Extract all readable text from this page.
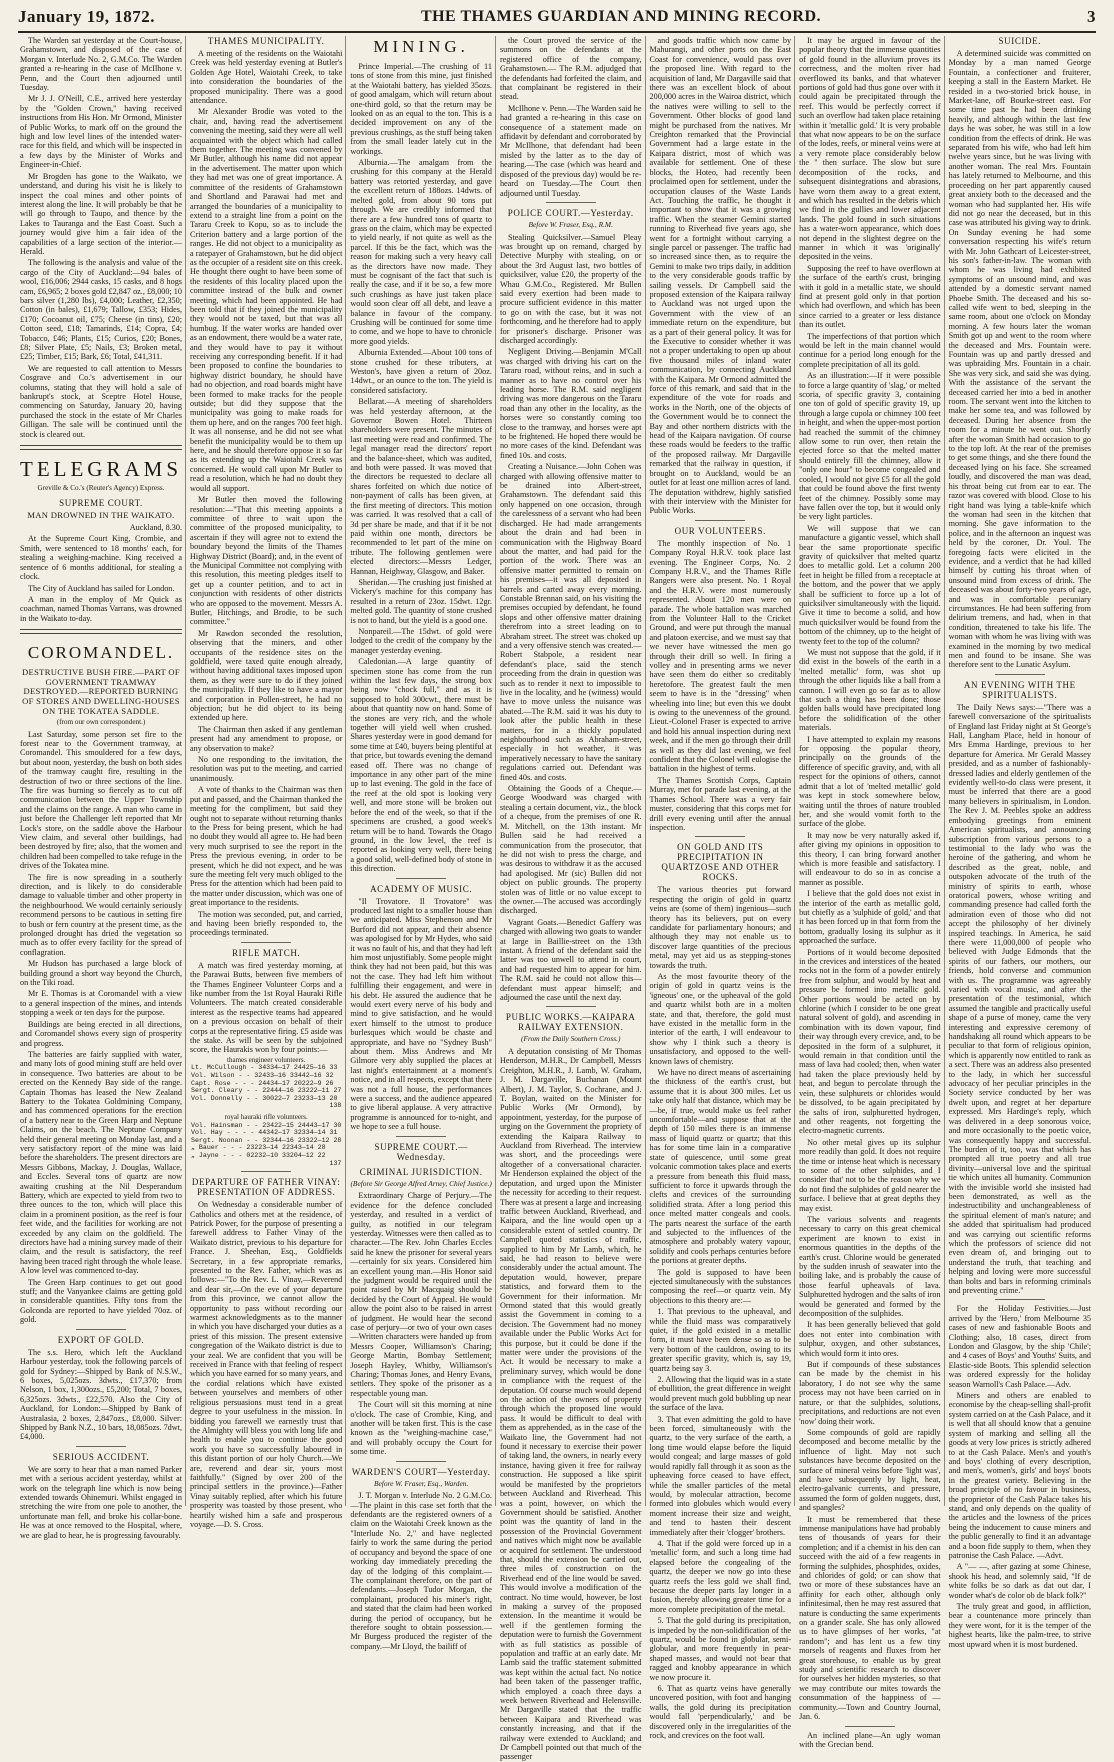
January 19, 1872.	THE THAMES GUARDIAN AND MINING RECORD.	3

The Warden sat yesterday at the Court-house, Grahamstown, and disposed of the case of Morgan v. Interlude No. 2, G.M.Co. The Warden granted a re-hearing in the case of McIlhone v. Penn, and the Court then adjourned until Tuesday.

Mr J. J. O'Neill, C.E., arrived here yesterday by the "Golden Crown," having received instructions from His Hon. Mr Ormond, Minister of Public Works, to mark off on the ground the high and low level lines of the intended water-race for this field, and which will be inspected in a few days by the Minister of Works and Engineer-in-Chief.

Mr Brogden has gone to the Waikato, we understand, and during his visit he is likely to inspect the coal mines and other points of interest along the line. It will probably be that he will go through to Taupo, and thence by the Lakes to Tauranga and the East Coast. Such a journey would give him a fair idea of the capabilities of a large section of the interior.—Herald.

The following is the analysis and value of the cargo of the City of Auckland:—94 bales of wool, £16,006; 2944 casks, 15 casks, and 8 hogs cam, £6,965; 2 boxes gold £2,847 oz., £8,000; 10 bars silver (1,280 lbs), £4,000; Leather, £2,350; Cotton (in bales), £1,679; Tallow, £353; Hides, £170; Cocoanut oil, £75; Cheese (in tins), £20; Cotton seed, £18; Tamarinds, £14; Copra, £4; Tobacco, £46; Plants, £15; Curios, £20; Bones, £8; Silver Plate, £5; Nails, £3; Broken metal, £25; Timber, £15; Bark, £6; Total, £41,311.

We are requested to call attention to Messrs Cosgrave and Co.'s advertisement in our columns, stating that they will hold a sale of bankrupt's stock, at Sceptre Hotel House, commencing on Saturday, January 20, having purchased the stock in the estate of Mr Charles Gilligan. The sale will be continued until the stock is cleared out.

TELEGRAMS

Greville & Co.'s (Reuter's Agency) Express.

SUPREME COURT.
MAN DROWNED IN THE WAIKATO.

Auckland, 8.30.

At the Supreme Court King, Crombie, and Smith, were sentenced to 18 months' each, for stealing a weighing-machine. King received a sentence of 6 months additional, for stealing a clock.

The City of Auckland has sailed for London.

A man in the employ of Mr Quick as coachman, named Thomas Varrans, was drowned in the Waikato to-day.

COROMANDEL.
DESTRUCTIVE BUSH FIRE.—PART OF GOVERNMENT TRAMWAY DESTROYED.—REPORTED BURNING OF STORES AND DWELLING-HOUSES ON THE TOKATEA SADDLE.

(from our own correspondent.)

Last Saturday, some person set fire to the forest near to the Government tramway, at Coromandel. This smouldered for a few days, but about noon, yesterday, the bush on both sides of the tramway caught fire, resulting in the destruction of two or three sections of the line. The fire was burning so fiercely as to cut off communication between the Upper Township and the claims on the range. A man who came in just before the Challenger left reported that Mr Lock's store, on the saddle above the Harbour View claim, and several other buildings, had been destroyed by fire; also, that the women and children had been compelled to take refuge in the drives of the Tokatea mine.

The fire is now spreading in a southerly direction, and is likely to do considerable damage to valuable timber and other property in the neighbourhood. We would certainly seriously recommend persons to be cautious in setting fire to bush or fern country at the present time, as the prolonged drought has dried the vegetation so much as to offer every facility for the spread of conflagration.

Mr Hudson has purchased a large block of building ground a short way beyond the Church, on the Tiki road.

Mr E. Thomas is at Coromandel with a view to a general inspection of the mines, and intends stopping a week or ten days for the purpose.

Buildings are being erected in all directions, and Coromandel shows every sign of prosperity and progress.

The batteries are fairly supplied with water, and many lots of good mining stuff are held over in consequence. Two batteries are about to be erected on the Kennedy Bay side of the range. Captain Thomas has leased the New Zealand Battery to the Tokatea Goldmining Company, and has commenced operations for the erection of a battery near to the Green Harp and Neptune Claims, on the beach. The Neptune Company held their general meeting on Monday last, and a very satisfactory report of the mine was laid before the shareholders. The present directors are Messrs Gibbons, Mackay, J. Douglas, Wallace, and Eccles. Several tons of quartz are now awaiting crushing at the Nil Desperandum Battery, which are expected to yield from two to three ounces to the ton, which will place this claim in a prominent position, as the reef is four feet wide, and the facilities for working are not exceeded by any claim on the goldfield. The directors have had a mining survey made of their claim, and the result is satisfactory, the reef having been traced right through the whole lease. A low level was commenced to-day.

The Green Harp continues to get out good stuff; and the Vanyankee claims are getting gold in considerable quantities. Fifty tons from the Golconda are reported to have yielded 70oz. of gold.

EXPORT OF GOLD.

The s.s. Hero, which left the Auckland Harbour yesterday, took the following parcels of gold for Sydney:—Shipped by Bank of N.S.W., 6 boxes, 5,025ozs. 3dwts., £17,370; from Nelson, 1 box, 1,300ozs., £5,200; Total, 7 boxes, 6,325ozs. 3dwts., £22,570. Also the City of Auckland, for London:—Shipped by Bank of Australasia, 2 boxes, 2,847ozs., £8,000. Silver: Shipped by Bank N.Z., 10 bars, 18,085ozs. 7dwt, £4,000.

SERIOUS ACCIDENT.

We are sorry to hear that a man named Parker met with a serious accident yesterday, whilst at work on the telegraph line which is now being extended towards Ohinemuri. Whilst engaged in stretching the wire from one pole to another, the unfortunate man fell, and broke his collar-bone. He was at once removed to the Hospital, where, we are glad to hear, he is progressing favourably.

THAMES MUNICIPALITY.

A meeting of the residents on the Waiotahi Creek was held yesterday evening at Butler's Golden Age Hotel, Waiotahi Creek, to take into consideration the boundaries of the proposed municipality. There was a good attendance.

Mr Alexander Brodie was voted to the chair, and, having read the advertisement convening the meeting, said they were all well acquainted with the object which had called them together. The meeting was convened by Mr Butler, although his name did not appear in the advertisement. The matter upon which they had met was one of great importance. A committee of the residents of Grahamstown and Shortland and Parawai had met and arranged the boundaries of a municipality to extend to a straight line from a point on the Tararu Creek to Kopu, so as to include the Criterion battery and a large portion of the ranges. He did not object to a municipality as a ratepayer of Grahamstown, but he did object as the occupier of a resident site on this creek. He thought there ought to have been some of the residents of this locality placed upon the committee instead of the bulk and owner meeting, which had been appointed. He had been told that if they joined the municipality they would not be taxed, but that was all humbug. If the water works are handed over as an endowment, there would be a water rate, and they would have to pay it without receiving any corresponding benefit. If it had been proposed to confine the boundaries to highway district boundary, he should have had no objection, and road boards might have been formed to make tracks for the people outside; but did they suppose that the municipality was going to make roads for them up here, and on the ranges 700 feet high. It was all nonsense, and he did not see what benefit the municipality would be to them up here, and he should therefore oppose it so far as its extending up the Waiotahi Creek was concerned. He would call upon Mr Butler to read a resolution, which he had no doubt they would all support.

Mr Butler then moved the following resolution:—"That this meeting appoints a committee of three to wait upon the committee of the proposed municipality, to ascertain if they will agree not to extend the boundary beyond the limits of the Thames Highway District (Board); and, in the event of the Municipal Committee not complying with this resolution, this meeting pledges itself to get up a counter petition, and to act in conjunction with residents of other districts who are opposed to the movement. Messrs A. Butler, Hitchings, and Brodie, to be such committee."

Mr Rawdon seconded the resolution, observing that the miners, and other occupants of the residence sites on the goldfield, were taxed quite enough already, without having additional taxes imposed upon them, as they were sure to do if they joined the municipality. If they like to have a mayor and corporation in Pollen-street, he had no objection; but he did object to its being extended up here.

The Chairman then asked if any gentleman present had any amendment to propose, or any observation to make?

No one responding to the invitation, the resolution was put to the meeting, and carried unanimously.

A vote of thanks to the Chairman was then put and passed, and the Chairman thanked the meeting for the compliment, but said they ought not to separate without returning thanks to the Press for being present, which he had no doubt they would all agree to. He had been very much surprised to see the report in the Press the previous evening, in order to be present, which he did not expect, and he was sure the meeting felt very much obliged to the Press for the attention which had been paid to the matter under discussion, which was one of great importance to the residents.

The motion was seconded, put, and carried, and having been briefly responded to, the proceedings terminated.

RIFLE MATCH.

A match was fired yesterday morning, at the Parawai Butts, between five members of the Thames Engineer Volunteer Corps and a like number from the 1st Royal Hauraki Rifle Volunteers. The match created considerable interest as the respective teams had appeared on a previous occasion on behalf of their corps at the representative firing. £5 aside was the stake. As will be seen by the subjoined score, the Haurakis won by four points:—

thames engineer volunteers.
Lt. McCullough - 34334—17 24425—16 33
Vol. Wilson - - 32433—16 33442—16 32
Capt. Rose - - - 24434—17 20222—9 26
Sergt. Cleary - - 22444—16 23222—11 27
Vol. Donnelly - - 30022—7 23233—13 20
138
royal hauraki rifle volunteers.
Vol. Hainsman - - 23422—15 24443—17 30
Vol. Hay - - - - 44342—17 32334—14 31
Sergt. Noonan - - 32344—16 23322—12 28
„ Bauer - - - 23223—14 22343—14 28
„ Jayne - - - 02232—10 33204—12 22
137
DEPARTURE OF FATHER VINAY: PRESENTATION OF ADDRESS.

On Wednesday a considerable number of Catholics and others met at the residence, of Patrick Power, for the purpose of presenting a farewell address to Father Vinay of the Waikato district, previous to his departure for France. J. Sheehan, Esq., Goldfields Secretary, in a few appropriate remarks, presented to the Rev. Father, which was as follows:—"To the Rev. L. Vinay,—Reverend and dear sir,—On the eve of your departure from this province, we cannot allow the opportunity to pass without recording our warmest acknowledgments as to the manner in which you have discharged your duties as a priest of this mission. The present extensive congregation of the Waikato district is due to your zeal. We are confident that you will be received in France with that feeling of respect which you have earned for so many years, and the cordial relations which have existed between yourselves and members of other religious persuasions must tend in a great degree to your usefulness in the mission. In bidding you farewell we earnestly trust that the Almighty will bless you with long life and health to enable you to continue the good work you have so successfully laboured in this distant portion of our holy Church.—We are, reverend and dear sir, yours most faithfully." (Signed by over 200 of the principal settlers in the province.)—Father Vinay suitably replied, after which his future prosperity was toasted by those present, who heartily wished him a safe and prosperous voyage.—D. S. Cross.

MINING.

Prince Imperial.—The crushing of 11 tons of stone from this mine, just finished at the Waiotahi battery, has yielded 35ozs. of good amalgam, which will return about one-third gold, so that the return may be looked on as an equal to the ton. This is a decided improvement on any of the previous crushings, as the stuff being taken from the small leader lately cut in the workings.

Alburnia.—The amalgam from the crushing for this company at the Herald battery was retorted yesterday, and gave the excellent return of 188ozs. 14dwts. of melted gold, from about 90 tons put through. We are credibly informed that there are a few hundred tons of quartz to grass on the claim, which may be expected to yield nearly, if not quite as well as the parcel. If this be the fact, which was the reason for making such a very heavy call as the directors have now made. They must be cognisant of the fact that such is really the case, and if it be so, a few more such crushings as have just taken place would soon clear off all debt, and leave a balance in favour of the company. Crushing will be continued for some time to come, and we hope to have to chronicle more good yields.

Alburnia Extended.—About 100 tons of stone crushed for these tributers, at Weston's, have given a return of 20oz. 14dwt., or an ounce to the ton. The yield is considered satisfactory.

Bellarat.—A meeting of shareholders was held yesterday afternoon, at the Governor Bowen Hotel. Thirteen shareholders were present. The minutes of last meeting were read and confirmed. The legal manager read the directors' report and the balance-sheet, which was audited, and both were passed. It was moved that the directors be requested to declare all shares forfeited on which due notice of non-payment of calls has been given, at the first meeting of directors. This motion was carried. It was resolved that a call of 3d per share be made, and that if it be not paid within one month, directors be recommended to let part of the mine on tribute. The following gentlemen were elected directors:—Messrs Ledger, Hannan, Heighway, Glasgow, and Baker.

Sheridan.—The crushing just finished at Vickery's machine for this company has resulted in a return of 23oz. 15dwt. 12gr. melted gold. The quantity of stone crushed is not to hand, but the yield is a good one.

Nonpareil.—The 15dwt. of gold were lodged to the credit of the company by the manager yesterday evening.

Caledonian.—A large quantity of specimen stone has come from the run within the last few days, the strong box being now "chock full," and as it is supposed to hold 300cwt., there must be about that quantity now on hand. Some of the stones are very rich, and the whole together will yield well when crushed. Shares yesterday were in good demand for some time at £40, buyers being plentiful at that price, but towards evening the demand eased off. There was no change of importance in any other part of the mine up to last evening. The gold in the face of the reef at the old spot is looking very well, and more stone will be broken out before the end of the week, so that if the specimens are crushed, a good week's return will be to hand. Towards the Otago ground, in the low level, the reef is reported as looking very well, there being a good solid, well-defined body of stone in this direction.

ACADEMY OF MUSIC.

"Il Trovatore. Il Trovatore" was produced last night to a smaller house than we anticipated. Miss Stephenson and Mr Burford did not appear, and their absence was apologised for by Mr Hydes, who said it was no fault of his, and that they had left him most unjustifiably. Some people might think they had not been paid, but this was not the case. They had left him without fulfilling their engagement, and were in his debt. He assured the audience that he would exert every nerve of his body and mind to give satisfaction, and he would exert himself to the utmost to produce burlesques which would be chaste and appropriate, and have no "Sydney Bush" about them. Miss Andrews and Mr Gilmore very ably supplied the places at last night's entertainment at a moment's notice, and in all respects, except that there was not a full house, the performances were a success, and the audience appeared to give liberal applause. A very attractive programme is announced for to-night, and we hope to see a full house.

SUPREME COURT.—Wednesday.
CRIMINAL JURISDICTION.

(Before Sir George Alfred Arney, Chief Justice.)

Extraordinary Charge of Perjury.—The evidence for the defence concluded yesterday, and resulted in a verdict of guilty, as notified in our telegram yesterday. Witnesses were then called as to character.—The Rev. John Charles Eccles said he knew the prisoner for several years—certainly for six years. Considered him an excellent young man.—His Honor said the judgment would be required until the point raised by Mr Macquaig should be decided by the Court of Appeal. He would allow the point also to be raised in arrest of judgment. He would hear the second case of perjury—or two of your own cases—Written characters were handed up from Messrs Cooper, Williamson's Charing; George Martin, Bombay Settlement; Joseph Hayley, Whitby, Williamson's Charing; Thomas Jones, and Henry Evans, settlers. They spoke of the prisoner as a respectable young man.

The Court will sit this morning at nine o'clock. The case of Crombie, King, and another will be taken first. This is the case known as the "weighing-machine case," and will probably occupy the Court for some time.

WARDEN'S COURT—Yesterday.

Before W. Fraser, Esq., Warden.

J. T. Morgan v. Interlude No. 2 G.M.Co. —The plaint in this case set forth that the defendants are the registered owners of a claim on the Waiotahi Creek known as the "Interlude No. 2," and have neglected fairly to work the same during the period of occupancy and beyond the space of one working day immediately preceding the day of the lodging of this complaint.— The complainant therefore, on the part of defendants.—Joseph Tudor Morgan, the complainant, produced his miner's right, and stated that the claim had been worked during the period of occupancy, but he therefore sought to obtain possession.—Mr Burgess produced the register of the company.—Mr Lloyd, the bailiff of

the Court proved the service of the summons on the defendants at the registered office of the company, Grahamstown.— The R.M. adjudged that the defendants had forfeited the claim, and that complainant be registered in their stead.

McIlhone v. Penn.—The Warden said he had granted a re-hearing in this case on consequence of a statement made on affidavit by defendant and corroborated by Mr McIlhone, that defendant had been misled by the latter as to the day of hearing.—The case (which was heard and disposed of the previous day) would be re-heard on Tuesday.—The Court then adjourned until Tuesday.

POLICE COURT.—Yesterday.

Before W. Fraser, Esq., R.M.

Stealing Quicksilver.—Samuel Pleay was brought up on remand, charged by Detective Murphy with stealing, on or about the 3rd August last, two bottles of quicksilver, value £20, the property of the Whau G.M.Co., Registered. Mr Bullen said every exertion had been made to procure sufficient evidence in this matter to go on with the case, but it was not forthcoming, and he therefore had to apply for prisoner's discharge. Prisoner was discharged accordingly.

Negligent Driving.—Benjamin M'Call was charged with driving his cart on the Tararu road, without reins, and in such a manner as to have no control over his leading horse. The R.M. said negligent driving was more dangerous on the Tararu road than any other in the locality, as the horses were so constantly coming too close to the tramway, and horses were apt to be frightened. He hoped there would be no more cases of the kind. Defendant was fined 10s. and costs.

Creating a Nuisance.—John Cohen was charged with allowing offensive matter to be drained into Albert-street, Grahamstown. The defendant said this only happened on one occasion, through the carelessness of a servant who had been discharged. He had made arrangements about the drain and had been in communication with the Highway Board about the matter, and had paid for the portion of the work. There was an offensive matter permitted to remain on his premises—it was all deposited in barrels and carted away every morning. Constable Brennan said, on his visiting the premises occupied by defendant, he found slops and other offensive matter draining therefrom into a street leading on to Abraham street. The street was choked up and a very offensive stench was created.—Robert Stabpole, a resident near defendant's place, said the stench proceeding from the drain in question was such as to render it next to impossible to live in the locality, and he (witness) would have to move unless the nuisance was abated.—The R.M. said it was his duty to look after the public health in these matters, for in a thickly populated neighbourhood such as Abraham-street, especially in hot weather, it was imperatively necessary to have the sanitary regulations carried out. Defendant was fined 40s. and costs.

Obtaining the Goods of a Cheque.— George Woodward was charged with stealing a certain document, viz., the block of a cheque, from the premises of one R. M. Mitchell, on the 13th instant. Mr Bullen said he had received a communication from the prosecutor, that he did not wish to press the charge, and was desirous to withdraw it as the accused had apologised. Mr (sic) Bullen did not object on public grounds. The property stolen was of little or no value except to the owner.—The accused was accordingly discharged.

Vagrant Goats.—Benedict Gaffery was charged with allowing two goats to wander at large in Baillie-street on the 13th instant. A friend of the defendant said the latter was too unwell to attend in court, and had requested him to appear for him. The R.M. said he could not allow this—defendant must appear himself; and adjourned the case until the next day.

PUBLIC WORKS.—KAIPARA RAILWAY EXTENSION.

(From the Daily Southern Cross.)

A deputation consisting of Mr Thomas Henderson, M.H.R., Dr Campbell, Messrs Creighton, M.H.R., J. Lamb, W. Graham, J. M. Dargaville, Buchanan (Mount Albert), J. M. Taylor, S. Cochrane, and J. T. Boylan, waited on the Minister for Public Works (Mr Ormond), by appointment, yesterday, for the purpose of urging on the Government the propriety of extending the Kaipara Railway to Auckland from Riverhead. The interview was short, and the proceedings were altogether of a conversational character. Mr Henderson explained the object of the deputation, and urged upon the Minister the necessity for acceding to their request. There was at present a large and increasing traffic between Auckland, Riverhead, and Kaipara, and the line would open up a considerable extent of settled country. Dr Campbell quoted statistics of traffic, supplied to him by Mr Lamb, which, he said, he had reason to believe were considerably under the actual amount. The deputation would, however, prepare statistics, and forward them to the Government for their information. Mr Ormond stated that this would greatly assist the Government in coming to a decision. The Government had no money available under the Public Works Act for this purpose, but it could be done if the matter were under the provisions of the Act. It would be necessary to make a preliminary survey, which would be done in compliance with the request of the deputation. Of course much would depend on the action of the owners of property through which the proposed line would pass. It would be difficult to deal with them as apprehended, as in the case of the Waikato line, the Government had not found it necessary to exercise their power of taking land, the owners, in nearly every instance, having given it free for railway construction. He supposed a like spirit would be manifested by the proprietors between Auckland and Riverhead. This was a point, however, on which the Government should be satisfied. Another point was the quantity of land in the possession of the Provincial Government and natives which might now be available or acquired for settlement. The understood that, should the extension be carried out, three miles of construction on the Riverhead end of the line would be saved. This would involve a modification of the contract. No time would, however, be lost in making a survey of the proposed extension. In the meantime it would be well if the gentlemen forming the deputation were to furnish the Government with as full statistics as possible of population and traffic at an early date. Mr Lamb said the traffic statement submitted was kept within the actual fact. No notice had been taken of the passenger traffic, which employed a coach three days a week between Riverhead and Helensville. Mr Dargaville stated that the traffic between Kaipara and Riverhead was constantly increasing, and that if the railway were extended to Auckland; and Dr Campbell pointed out that much of the passenger

and goods traffic which now came by Mahurangi, and other ports on the East Coast for convenience, would pass over the proposed line. With regard to the acquisition of land, Mr Dargaville said that there was an excellent block of about 200,000 acres in the Wairoa district, which the natives were willing to sell to the Government. Other blocks of good land might be purchased from the natives. Mr Creighton remarked that the Provincial Government had a large estate in the Kaipara district, most of which was available for settlement. One of these blocks, the Hoteo, had recently been proclaimed open for settlement, under the occupation clauses of the Waste Lands Act. Touching the traffic, he thought it important to show that it was a growing traffic. When the steamer Gemini started running to Riverhead five years ago, she went for a fortnight without carrying a single parcel or passenger. The traffic had so increased since then, as to require the Gemini to make two trips daily, in addition to the very considerable goods traffic by sailing vessels. Dr Campbell said the proposed extension of the Kaipara railway to Auckland was not urged upon the Government with the view of an immediate return on the expenditure, but as a part of their general policy. It was for the Executive to consider whether it was not a proper undertaking to open up about five thousand miles of inland water communication, by connecting Auckland with the Kaipara. Mr Ormond admitted the force of this remark, and said that in the expenditure of the vote for roads and works in the North, one of the objects of the Government would be to connect the Bay and other northern districts with the head of the Kaipara navigation. Of course these roads would be feeders to the traffic of the proposed railway. Mr Dargaville remarked that the railway in question, if brought on to Auckland, would be an outlet for at least one million acres of land. The deputation withdrew, highly satisfied with their interview with the Minister for Public Works.

OUR VOLUNTEERS.

The monthly inspection of No. 1 Company Royal H.R.V. took place last evening. The Engineer Corps, No. 2 Company H.R.V., and the Thames Rifle Rangers were also present. No. 1 Royal and the H.R.V. were most numerously represented. About 120 men were on parade. The whole battalion was marched from the Volunteer Hall to the Cricket Ground, and were put through the manual and platoon exercise, and we must say that we never have witnessed the men go through their drill so well. In firing a volley and in presenting arms we never have seen them do either so creditably heretofore. The greatest fault the men seem to have is in the "dressing" when wheeling into line; but even this we doubt is owing to the unevenness of the ground. Lieut.-Colonel Fraser is expected to arrive and hold his annual inspection during next week, and if the men go through their drill as well as they did last evening, we feel confident that the Colonel will eulogise the battalion in the highest of terms.

The Thames Scottish Corps, Captain Murray, met for parade last evening, at the Thames School. There was a very fair muster, considering that this corps met for drill every evening until after the annual inspection.

ON GOLD AND ITS PRECIPITATION IN QUARTZOSE AND OTHER ROCKS.

The various theories put forward respecting the origin of gold in quartz veins are (some of them) ingenious—such theory has its believers, put on every candidate for parliamentary honours; and although they may not enable us to discover large quantities of the precious metal, may yet aid us as stepping-stones towards the truth.

As the most favourite theory of the origin of gold in quartz veins is the 'igneous' one, or the upheaval of the gold and quartz whilst both are in a molten state, and that, therefore, the gold must have existed in the metallic form in the interior of the earth, I will endeavour to show why I think such a theory is unsatisfactory, and opposed to the well-known laws of chemistry.

We have no direct means of ascertaining the thickness of the earth's crust, but assume that it is about 300 miles. Let us take only half that distance, which may be—be, if true, would make us feel rather uncomfortable—and suppose that at the depth of 150 miles there is an immense mass of liquid quartz or quartz; that this has for some time lain in a comparative state of quiescence, until some great volcanic commotion takes place and exerts a pressure from beneath this fluid mass, sufficient to force it upwards through the clefts and crevices of the surrounding solidified strata. After a long period this once melted matter congeals and cools. The parts nearest the surface of the earth and subjected to the influences of the atmosphere and probably watery vapour, solidify and cools perhaps centuries before the portions at greater depths.

The gold is supposed to have been ejected simultaneously with the substances composing the reef—or quartz vein. My objections to this theory are:—

1. That previous to the upheaval, and while the fluid mass was comparatively quiet, if the gold existed in a metallic form, it must have been dense so as to be very bottom of the cauldron, owing to its greater specific gravity, which is, say 19, quartz being say 3.

2. Allowing that the liquid was in a state of ebullition, the great difference in weight would prevent much gold bubbling up near the surface of the lava.

3. That even admitting the gold to have been forced, simultaneously with the quartz, to the very surface of the earth, a long time would elapse before the liquid would congeal; and large masses of gold would rapidly fall through it as soon as the upheaving force ceased to have effect, while the smaller particles of the metal would, by molecular attraction, become formed into globules which would every moment increase their size and weight, and tend to hasten their descent immediately after their 'clogger' brothers.

4. That if the gold were forced up in a 'metallic' form, and such a long time had elapsed before the congealing of the quartz, the deeper we now go into these quartz reefs the less gold we shall find, because the deeper parts lay longer in a fusion, thereby allowing greater time for a more complete precipitation of the metal.

5. That the gold during its precipitation, is impeded by the non-solidification of the quartz, would be found in globular, semi-globular, and more frequently in pear-shaped masses, and would not bear that ragged and knobby appearance in which we now procure it.

6. That as quartz veins have generally uncovered position, with foot and hanging walls, the gold during its precipitation would fall 'perpendicularly,' and be discovered only in the irregularities of the rock, and crevices on the foot wall.

It may be argued in favour of the popular theory that the immense quantities of gold found in the alluvium proves its correctness, and the molten river had overflowed its banks, and that whatever portions of gold had thus gone over with it could again be precipitated through the reef. This would be perfectly correct if such an overflow had taken place retaining within it 'metallic gold.' It is very probable that what now appears to be on the surface of the lodes, reefs, or mineral veins were at a very remote place considerably below the " then surface. The slow but sure decomposition of the rocks, and subsequent disintegrations and abrasions, have worn them away to a great extent, and which has resulted in the debris which we find in the gullies and lower adjacent lands. The gold found in such situations has a water-worn appearance, which does not depend in the slightest degree on the manner in which it was 'originally' deposited in the veins.

Supposing the reef to have overflown at the surface of the earth's crust, bringing with it gold in a metallic state, we should find at present gold only in that portion which had overflown, and which has been since carried to a greater or less distance than its outlet.

The imperfections of that portion which would be left in the main channel would continue for a period long enough for the complete precipitation of all its gold.

As an illustration:—If it were possible to force a large quantity of 'slag,' or melted scoria, of specific gravity 3, containing one ton of gold of specific gravity 19, up through a large cupola or chimney 100 feet in height, and when the upper-most portion had reached the summit of the chimney allow some to run over, then retain the ejected force so that the melted matter should entirely fill the chimney, allow it "only one hour" to become congealed and cooled, I would not give £5 for all the gold that could be found above the first twenty feet of the chimney. Possibly some may have fallen over the top, but it would only be very light particles.

We will suppose that we can manufacture a gigantic vessel, which shall bear the same proportionate specific gravity of quicksilver that melted quartz does to metallic gold. Let a column 200 feet in height be filled from a receptacle at the bottom, and the power that we apply shall be sufficient to force up a lot of quicksilver simultaneously with the liquid. Give it time to become a solid, and how much quicksilver would be found from the bottom of the chimney, up to the height of twenty feet to the top of the column?

We must not suppose that the gold, if it did exist in the bowels of the earth in a 'melted metallic' form, was shot up through the other liquids like a ball from a cannon. I will even go so far as to allow that such a thing has been done; those golden balls would have precipitated long before the solidification of the other materials.

I have attempted to explain my reasons for opposing the popular theory, principally on the grounds of the difference of specific gravity, and, with all respect for the opinions of others, cannot admit that a lot of 'melted metallic' gold was kept in stock somewhere below, waiting until the throes of nature troubled her, and she would vomit forth to the surface of the globe.

It may now be very naturally asked if, after giving my opinions in opposition to this theory, I can bring forward another which is more feasible and satisfactory. I will endeavour to do so in as concise a manner as possible.

I believe that the gold does not exist in the interior of the earth as metallic gold, but chiefly as a 'sulphide of gold,' and that it has been forced up in that form from the bottom, gradually losing its sulphur as it approached the surface.

Portions of it would become deposited in the crevices and interstices of the heated rocks not in the form of a powder entirely free from sulphur, and would by heat and pressure be formed into metallic gold. Other portions would be acted on by chlorine (which I consider to be one great natural solvent of gold), and ascending in combination with its down vapour, find their way through every crevice, and, to be deposited in the form of a sulphuret, it would remain in that condition until the mass of lava had cooled; then, when water had taken the place previously held by heat, and begun to percolate through the vein, these sulphurets or chlorides would be dissolved, to be again precipitated by the salts of iron, sulphuretted hydrogen, and other reagents, not forgetting the electro-magnetic currents.

No other metal gives up its sulphur more readily than gold. It does not require the time or intense heat which is necessary to some of the other sulphides, and I consider that' not to be the reason why we do not find the sulphides of gold nearer the surface. I believe that at great depths they may exist.

The various solvents and reagents necessary to carry on this great chemical experiment are known to exist in enormous quantities in the depths of the earth's crust. Chlorine would be generated by the sudden inrush of seawater into the boiling lake, and is probably the cause of those fearful upheavals of lava. Sulphuretted hydrogen and the salts of iron would be generated and formed by the decomposition of the sulphides.

It has been generally believed that gold does not enter into combination with sulphur, oxygen, and other substances, which would form it into ores.

But if compounds of these substances can be made by the chemist in his laboratory, I do not see why the same process may not have been carried on in nature, or that the sulphides, solutions, precipitations, and reductions are not even 'now' doing their work.

Some compounds of gold are rapidly decomposed and become metallic by the influence of light. May not such substances have become deposited on the surface of mineral veins before 'light was', and have subsequently by light, heat, electro-galvanic currents, and pressure, assumed the form of golden nuggets, dust, and spangles?

It must be remembered that these immense manipulations have had probably tens of thousands of years for their completion; and if a chemist in his den can succeed with the aid of a few reagents in forming the sulphides, phosphides, oxides, and chlorides of gold; or can show that two or more of these substances have an affinity for each other, although only infinitesimal, then he may rest assured that nature is conducting the same experiments on a grander scale. She has only allowed us to have glimpses of her works, "at random"; and has lent us a few tiny morsels of reagents and fluxes from her great storehouse, to enable us by great study and scientific research to discover for ourselves her hidden mysteries, so that we may contribute our mites towards the consummation of the happiness of — community.—Town and Country Journal, Jan. 6.

An inclined plane—An ugly woman with the Grecian bend.

SUICIDE.

A determined suicide was committed on Monday by a man named George Fountain, a confectioner and fruiterer, keeping a stall in the Eastern Market. He resided in a two-storied brick house, in Market-lane, off Bourke-street east. For some time past he had been drinking heavily, and although within the last few days he was sober, he was still in a low condition from the effects of drink. He was separated from his wife, who had left him twelve years since, but he was living with another woman. The real Mrs. Fountain has lately returned to Melbourne, and this proceeding on her part apparently caused great anxiety both to the deceased and the woman who had supplanted her. His wife did not go near the deceased, but in this case was attributed his giving way to drink. On Sunday evening he had some conversation respecting his wife's return with Mr. John Gathcart of Leicester-street, his son's father-in-law. The woman with whom he was living had exhibited symptoms of an unsound mind, and was attended by a domestic servant named Phoebe Smith. The deceased and his so-called wife went to bed, sleeping in the same room, about one o'clock on Monday morning. A few hours later the woman Smith got up and went to the room where the deceased and Mrs. Fountain were. Fountain was up and partly dressed and was upbraiding Mrs. Fountain in a chair. She was very sick, and said she was dying. With the assistance of the servant the deceased carried her into a bed in another room. The servant went into the kitchen to make her some tea, and was followed by deceased. During her absence from the room for a minute he went out. Shortly after the woman Smith had occasion to go to the top loft. At the rear of the premises to get some things, and she there found the deceased lying on his face. She screamed loudly, and discovered the man was dead, his throat being cut from ear to ear. The razor was covered with blood. Close to his right hand was lying a table-knife which the woman had seen in the kitchen that morning. She gave information to the police, and in the afternoon an inquest was held by the coroner, Dr. Youl. The foregoing facts were elicited in the evidence, and a verdict that he had killed himself by cutting his throat when of unsound mind from excess of drink. The deceased was about forty-two years of age, and was in comfortable pecuniary circumstances. He had been suffering from delirium tremens, and had, when in that condition, threatened to take his life. The woman with whom he was living with was examined in the morning by two medical men and found to be insane. She was therefore sent to the Lunatic Asylum.

AN EVENING WITH THE SPIRITUALISTS.

The Daily News says:—"There was a farewell conversazione of the spiritualists of England last Friday night at St George's Hall, Langham Place, held in honour of Mrs Emma Hardinge, previous to her departure for America. Mr Gerald Massey presided, and as a number of fashionably-dressed ladies and elderly gentlemen of the evidently well-to-do class were present, it must be inferred that there are a good many believers in spiritualism, in London. The Rev J. M. Peebles spoke an address embodying greetings from eminent American spiritualists, and announcing subscription from various persons to a testimonial to the lady who was the heroine of the gathering, and whom he described as the great, noble, and outspoken advocate of the truth of the ministry of spirits to earth, whose oratorical powers, whose writing and commanding presence had called forth the admiration even of those who did not accept the philosophy of her divinely inspired teachings. In America, he said there were 11,000,000 of people who believed with Judge Edmonds that the spirits of our fathers, our mothers, our friends, hold converse and communion with us. The programme was agreeably varied with vocal music, and after the presentation of the testimonial, which assumed the tangible and practically useful shape of a purse of money, came the very interesting and expressive ceremony of handshaking all round which appears to be peculiar to that form of religious opinion, which is apparently now entitled to rank as a sect. There was an address also presented to the lady, in which her successful advocacy of her peculiar principles in the Society service conducted by her was dwelt upon, and regret at her departure expressed. Mrs Hardinge's reply, which was delivered in a deep sonorous voice, and more occasionally to the poetic voice, was consequently happy and successful. The burden of it, too, was that which has prompted all true poetry and all true divinity—universal love and the spiritual tie which unites all humanity. Communion with the invisible world she insisted had been demonstrated, as well as the indestructibility and unchangeableness of the spiritual element of man's nature; and she added that spiritualism had produced and was carrying out scientific reforms which the professors of science did not even dream of, and bringing out to understand the truth, that teaching and helping and loving were more successful than bolts and bars in reforming criminals and preventing crime."

For the Holiday Festivities.—Just arrived by the 'Hero,' from Melbourne 35 cases of new and fashionable Boots and Clothing; also, 18 cases, direct from London and Glasgow, by the ship 'Chile'; and 4 cases of Boys' and Youths' Suits, and Elastic-side Boots. This splendid selection was ordered expressly for the holiday season Warnoll's Cash Palace.—Adv.

Miners and others are enabled to economise by the cheap-selling shall-profit system carried on at the Cash Palace, and it is well that all should know that a genuine system of marking and selling all the goods at very low prices is strictly adhered to at the Cash Palace. Men's and youth's and boys' clothing of every description, and men's, women's, girls' and boys' boots in the greatest variety. Believing in the broad principle of no favour in business, the proprietor of the Cash Palace takes his stand, and only depends on the quality of the articles and the lowness of the prices being the inducement to cause miners and the public generally to find it an advantage and a boon fide supply to them, when they patronise the Cash Palace. —Advt.

A "— —, after gazing at some Chinese, shook his head, and solemnly said, "If de white folks be so dark as dat out dar, I wonder what's de color ob de black folk?"

The truly great and good, in affliction, bear a countenance more princely than they were wont, for it is the temper of the highest hearts, like the palm-tree, to strive most upward when it is most burdened.
